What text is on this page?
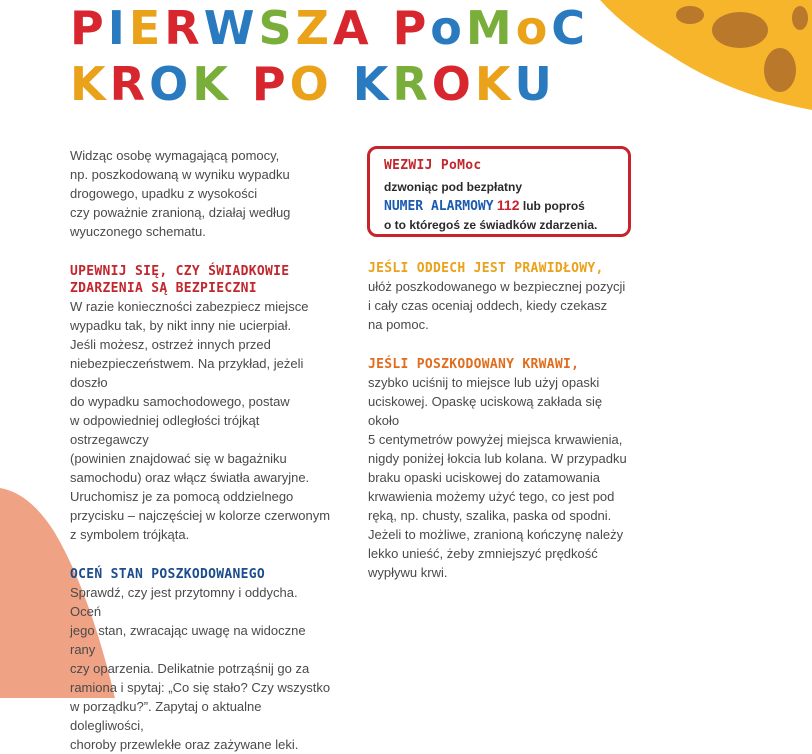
PIERWSZA PoMoC
KROK PO KROKU

Widząc osobę wymagającą pomocy,
np. poszkodowaną w wyniku wypadku
drogowego, upadku z wysokości
czy poważnie zranioną, działaj według
wyuczonego schematu.

UPEWNIJ SIĘ, CZY ŚWIADKOWIE
ZDARZENIA SĄ BEZPIECZNI

W razie konieczności zabezpiecz miejsce
wypadku tak, by nikt inny nie ucierpiał.
Jeśli możesz, ostrzeż innych przed
niebezpieczeństwem. Na przykład, jeżeli doszło
do wypadku samochodowego, postaw
w odpowiedniej odległości trójkąt ostrzegawczy
(powinien znajdować się w bagażniku
samochodu) oraz włącz światła awaryjne.
Uruchomisz je za pomocą oddzielnego
przycisku – najczęściej w kolorze czerwonym
z symbolem trójkąta.

OCEŃ STAN POSZKODOWANEGO

Sprawdź, czy jest przytomny i oddycha. Oceń
jego stan, zwracając uwagę na widoczne rany
czy oparzenia. Delikatnie potrząśnij go za
ramiona i spytaj: „Co się stało? Czy wszystko
w porządku?”. Zapytaj o aktualne dolegliwości,
choroby przewlekłe oraz zażywane leki.

WEZWIJ PoMoc
dzwoniąc pod bezpłatny
NUMER ALARMOWY 112 lub poproś
o to któregoś ze świadków zdarzenia.
JEŚLI ODDECH JEST PRAWIDŁOWY,

ułóż poszkodowanego w bezpiecznej pozycji
i cały czas oceniaj oddech, kiedy czekasz
na pomoc.

JEŚLI POSZKODOWANY KRWAWI,

szybko uciśnij to miejsce lub użyj opaski
uciskowej. Opaskę uciskową zakłada się około
5 centymetrów powyżej miejsca krwawienia,
nigdy poniżej łokcia lub kolana. W przypadku
braku opaski uciskowej do zatamowania
krwawienia możemy użyć tego, co jest pod
ręką, np. chusty, szalika, paska od spodni.
Jeżeli to możliwe, zranioną kończynę należy
lekko unieść, żeby zmniejszyć prędkość
wypływu krwi.
